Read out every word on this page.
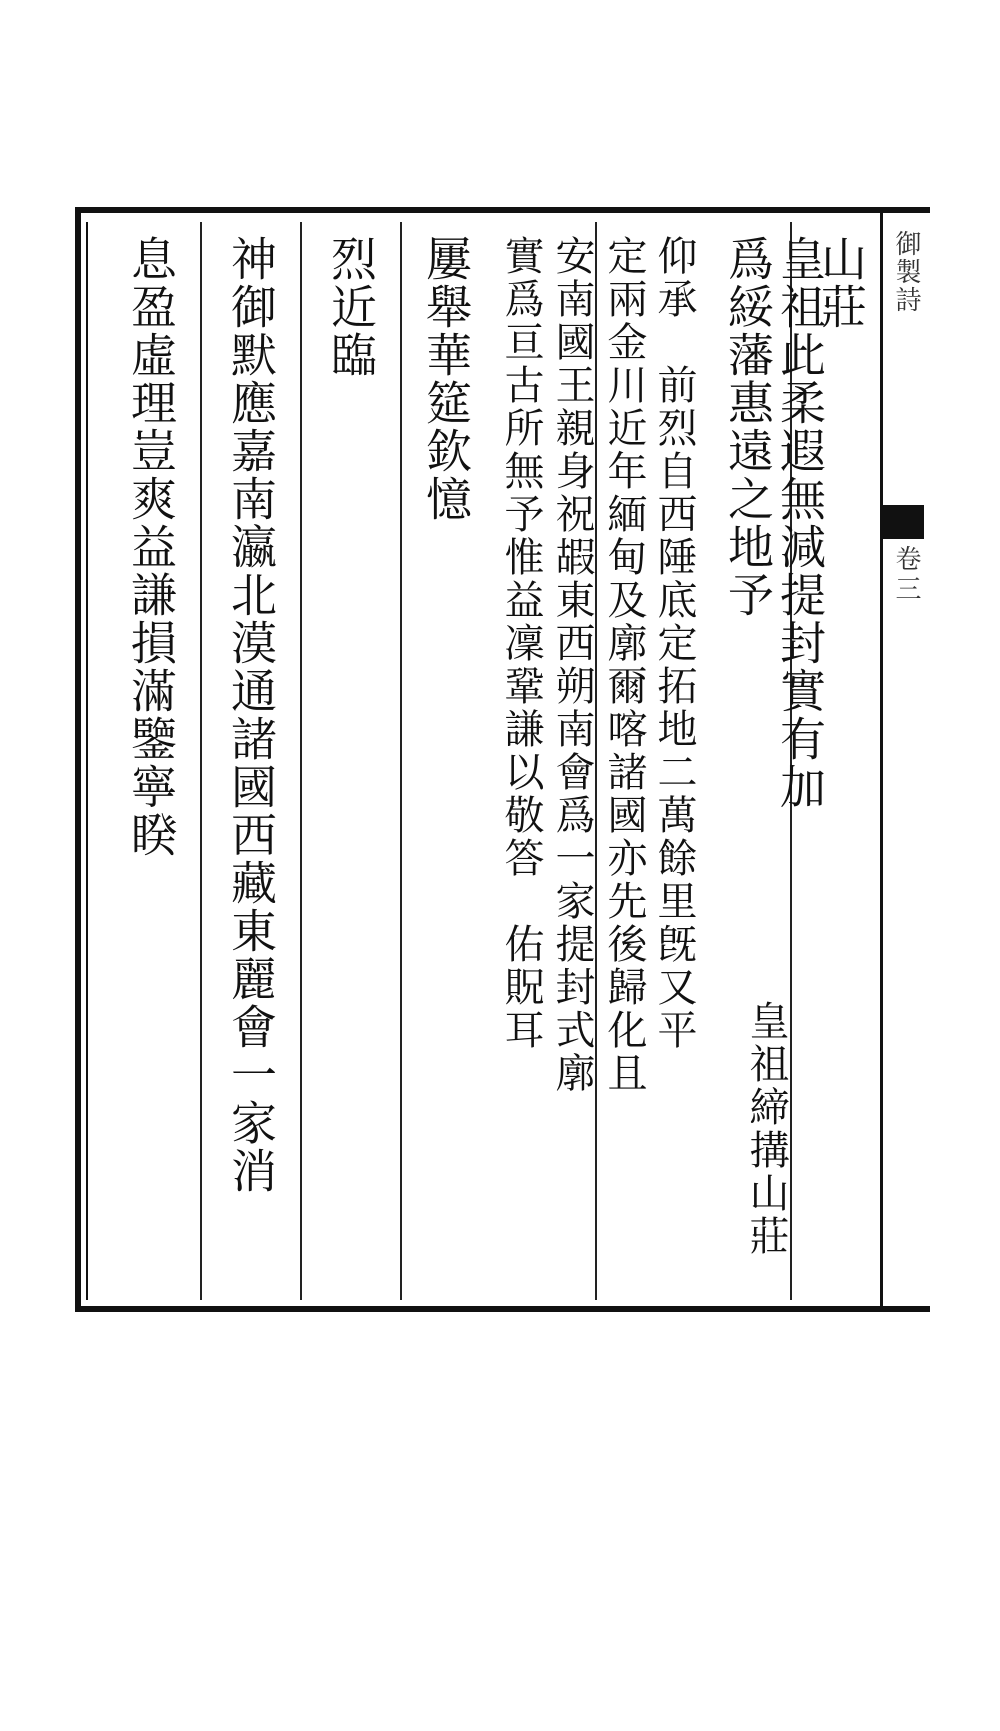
山莊
皇祖此柔遐無減提封實有加　爲綏藩惠遠之地予
仰承　前烈自西陲底定拓地二萬餘里旣又平
定兩金川近年緬甸及廓爾喀諸國亦先後歸化且
安南國王親身祝嘏東西朔南會爲一家提封式廓
實爲亘古所無予惟益凜鞏謙以敬答　佑貺耳
屢舉華筵欽憶
烈近臨
神御默應嘉南瀛北漠通諸國西藏東麗會一家消
息盈虛理豈爽益謙損滿鑒寧睽
　　　　　　　　　　　　　　　　　皇祖締搆山莊
御製詩
卷三
